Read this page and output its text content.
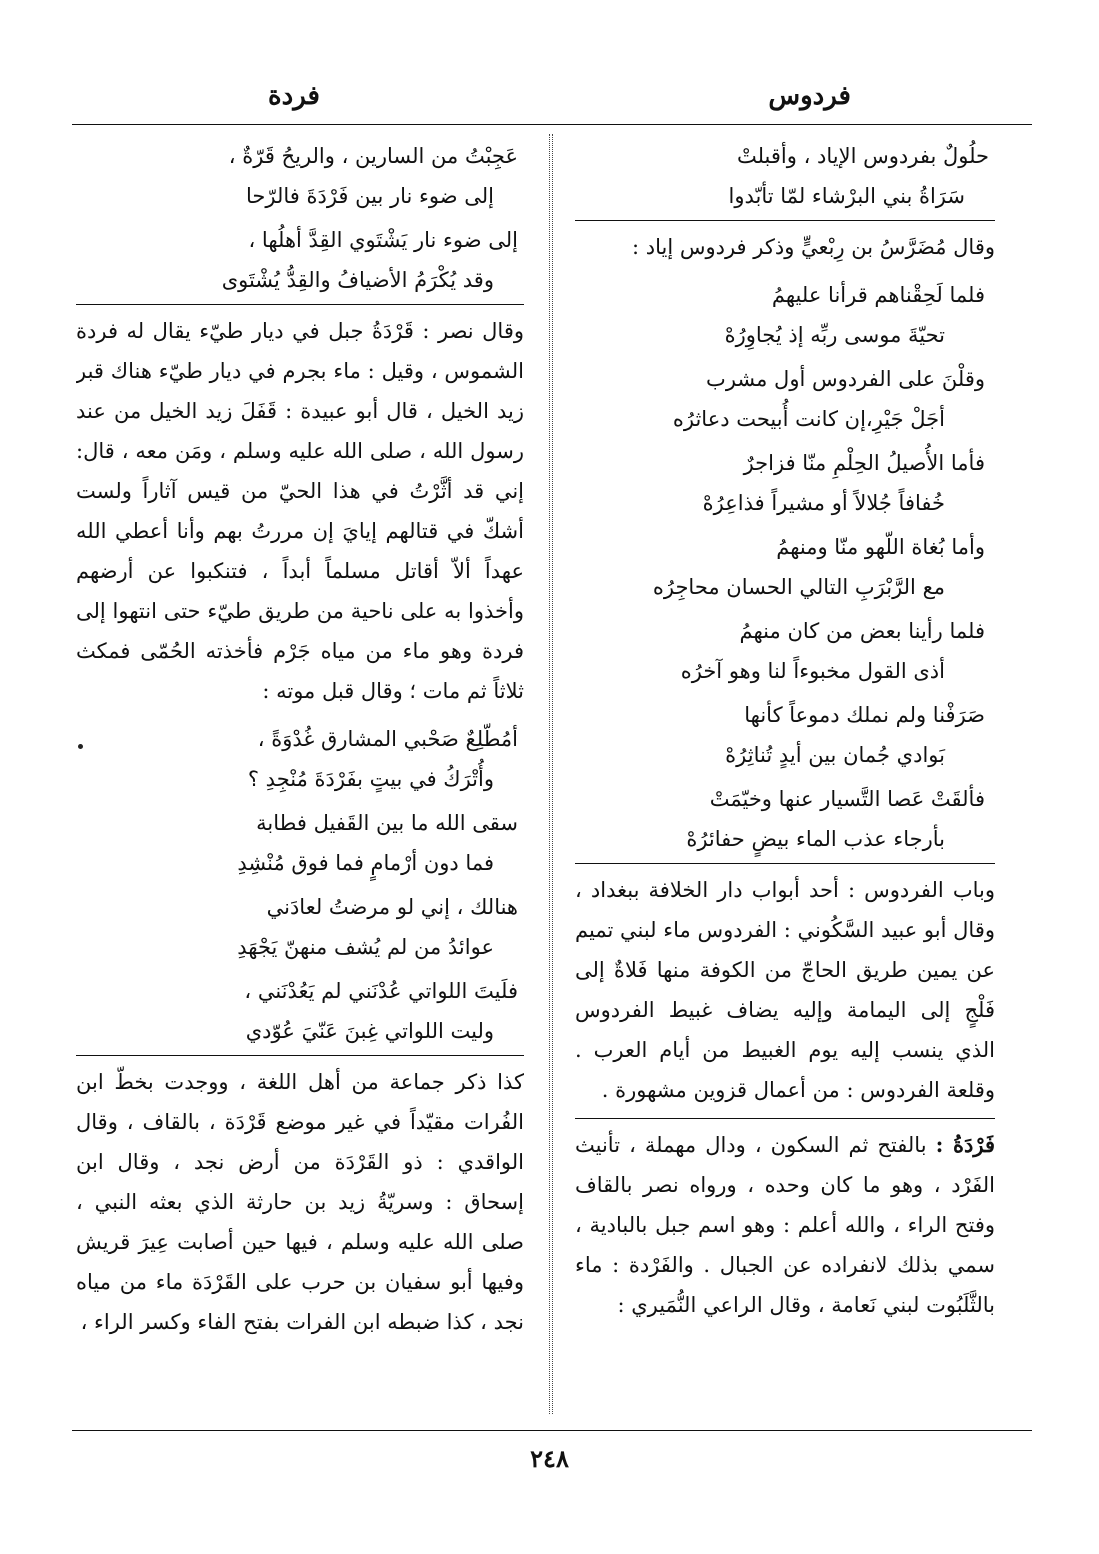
فردوس
فردة
حلُولٌ بفردوس الإياد ، وأقبلتْ
سَرَاةُ بني البرْشاء لمّا تأبّدوا
وقال مُضَرَّسُ بن رِبْعيٍّ وذكر فردوس إياد :
فلما لَحِقْناهم قرأنا عليهمُ
تحيّةَ موسى ربِّه إذ يُجاوِرُهْ
وقلْنَ على الفردوس أول مشرب
أجَلْ جَيْرِ،إن كانت أُبيحت دعاثرُه
فأما الأُصيلُ الحِلْمِ منّا فزاجرٌ
خُفافاً جُلالاً أو مشيراً فذاعِرُهْ
وأما بُغاة اللّهو منّا ومنهمُ
مع الرَّبْرَبِ التالي الحسان محاجِرُه
فلما رأينا بعض من كان منهمُ
أذى القول مخبوءاً لنا وهو آخرُه
صَرَفْنا ولم نملك دموعاً كأنها
بَوادي جُمان بين أيدٍ تُناثِرُهْ
فألقَتْ عَصا التَّسيار عنها وخيّمَتْ
بأرجاء عذب الماء بيضٍ حفائرُهْ
وباب الفردوس : أحد أبواب دار الخلافة ببغداد ، وقال أبو عبيد السَّكُوني : الفردوس ماء لبني تميم عن يمين طريق الحاجّ من الكوفة منها فَلاةٌ إلى فَلْجٍ إلى اليمامة وإليه يضاف غبيط الفردوس الذي ينسب إليه يوم الغبيط من أيام العرب . وقلعة الفردوس : من أعمال قزوين مشهورة .
فَرْدَةُ : بالفتح ثم السكون ، ودال مهملة ، تأنيث الفَرْد ، وهو ما كان وحده ، ورواه نصر بالقاف وفتح الراء ، والله أعلم : وهو اسم جبل بالبادية ، سمي بذلك لانفراده عن الجبال . والفَرْدة : ماء بالثَّلَبُوت لبني نَعامة ، وقال الراعي النُّمَيري :
عَجِبْتُ من السارين ، والريحُ قَرّةٌ ،
إلى ضوء نار بين فَرْدَةَ فالرّحا
إلى ضوء نار يَشْتَوي القِدَّ أهلُها ،
وقد يُكْرَمُ الأضيافُ والقِدُّ يُشْتَوى
وقال نصر : قَرْدَةُ جبل في ديار طيّء يقال له فردة الشموس ، وقيل : ماء بجرم في ديار طيّء هناك قبر زيد الخيل ، قال أبو عبيدة : قَفَلَ زيد الخيل من عند رسول الله ، صلى الله عليه وسلم ، ومَن معه ، قال: إني قد أثَّرْتُ في هذا الحيّ من قيس آثاراً ولست أشكّ في قتالهم إيايَ إن مررتُ بهم وأنا أعطي الله عهداً ألاّ أقاتل مسلماً أبداً ، فتنكبوا عن أرضهم وأخذوا به على ناحية من طريق طيّء حتى انتهوا إلى فردة وهو ماء من مياه جَرْم فأخذته الحُمّى فمكث ثلاثاً ثم مات ؛ وقال قبل موته :
أمُطّلِعٌ صَحْبي المشارق غُدْوَةً ،
وأُتْرَكُ في بيتٍ بفَرْدَةَ مُنْجِدِ ؟
سقى الله ما بين القَفيل فطابة
فما دون أرْمامٍ فما فوق مُنْشِدِ
هنالك ، إني لو مرضتُ لعادَني
عوائدُ من لم يُشف منهنّ يَجْهَدِ
فلَيتَ اللواتي عُدْنَني لم يَعُدْنَني ،
وليت اللواتي غِبنَ عَنّيَ عُوّدي
كذا ذكر جماعة من أهل اللغة ، ووجدت بخطّ ابن الفُرات مقيّداً في غير موضع قَرْدَة ، بالقاف ، وقال الواقدي : ذو القَرْدَة من أرض نجد ، وقال ابن إسحاق : وسريّةُ زيد بن حارثة الذي بعثه النبي ، صلى الله عليه وسلم ، فيها حين أصابت عِيرَ قريش وفيها أبو سفيان بن حرب على القَرْدَة ماء من مياه نجد ، كذا ضبطه ابن الفرات بفتح الفاء وكسر الراء ،
٢٤٨
